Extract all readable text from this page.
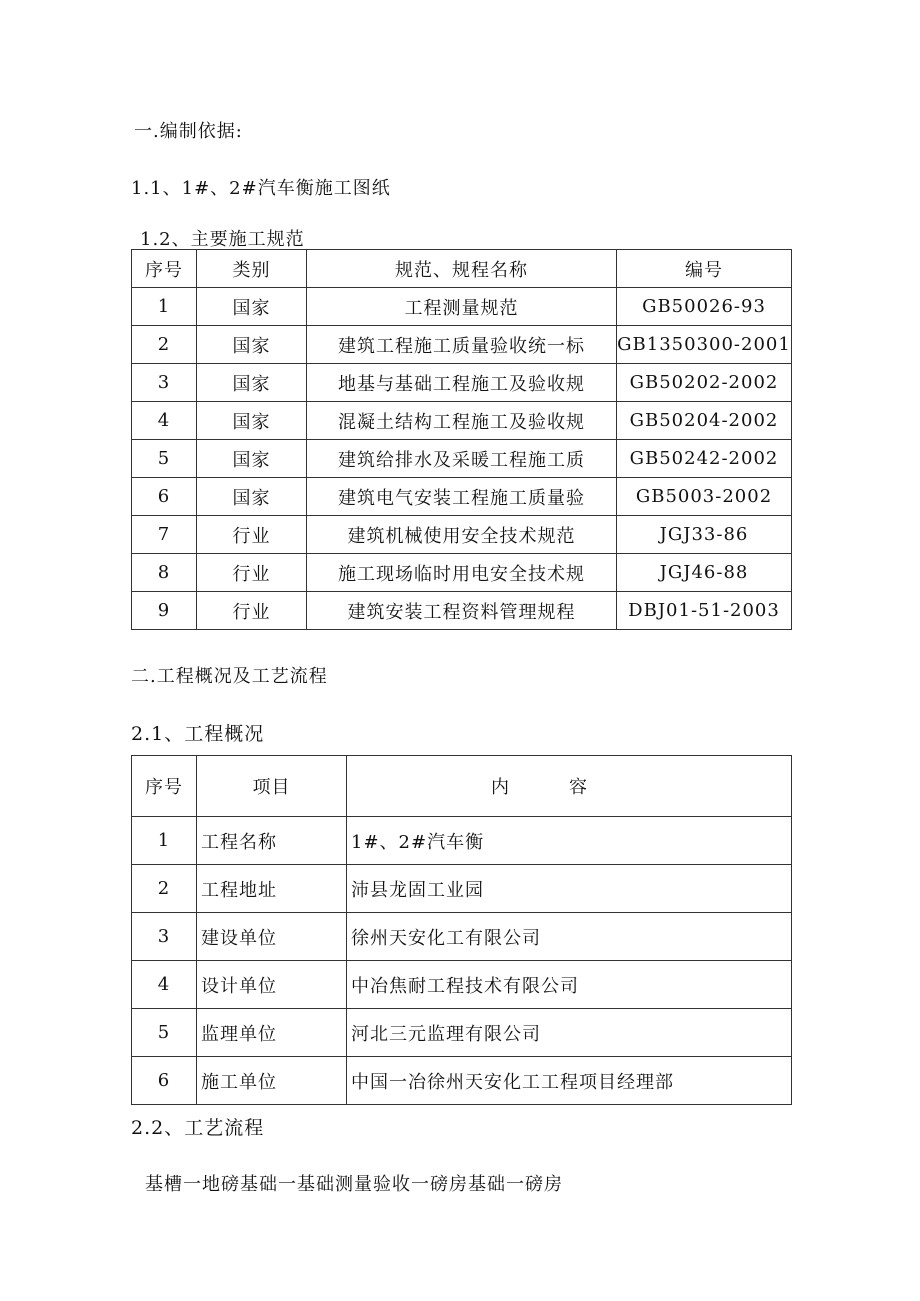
一.编制依据:
1.1、1#、2#汽车衡施工图纸
1.2、主要施工规范
序号	类别	规范、规程名称	编号
1	国家	工程测量规范	GB50026-93
2	国家	建筑工程施工质量验收统一标	GB1350300-2001
3	国家	地基与基础工程施工及验收规	GB50202-2002
4	国家	混凝土结构工程施工及验收规	GB50204-2002
5	国家	建筑给排水及采暖工程施工质	GB50242-2002
6	国家	建筑电气安装工程施工质量验	GB5003-2002
7	行业	建筑机械使用安全技术规范	JGJ33-86
8	行业	施工现场临时用电安全技术规	JGJ46-88
9	行业	建筑安装工程资料管理规程	DBJ01-51-2003
二.工程概况及工艺流程
2.1、工程概况
序号	项目	内容
1	工程名称	1#、2#汽车衡
2	工程地址	沛县龙固工业园
3	建设单位	徐州天安化工有限公司
4	设计单位	中冶焦耐工程技术有限公司
5	监理单位	河北三元监理有限公司
6	施工单位	中国一冶徐州天安化工工程项目经理部
2.2、工艺流程
基槽一地磅基础一基础测量验收一磅房基础一磅房
